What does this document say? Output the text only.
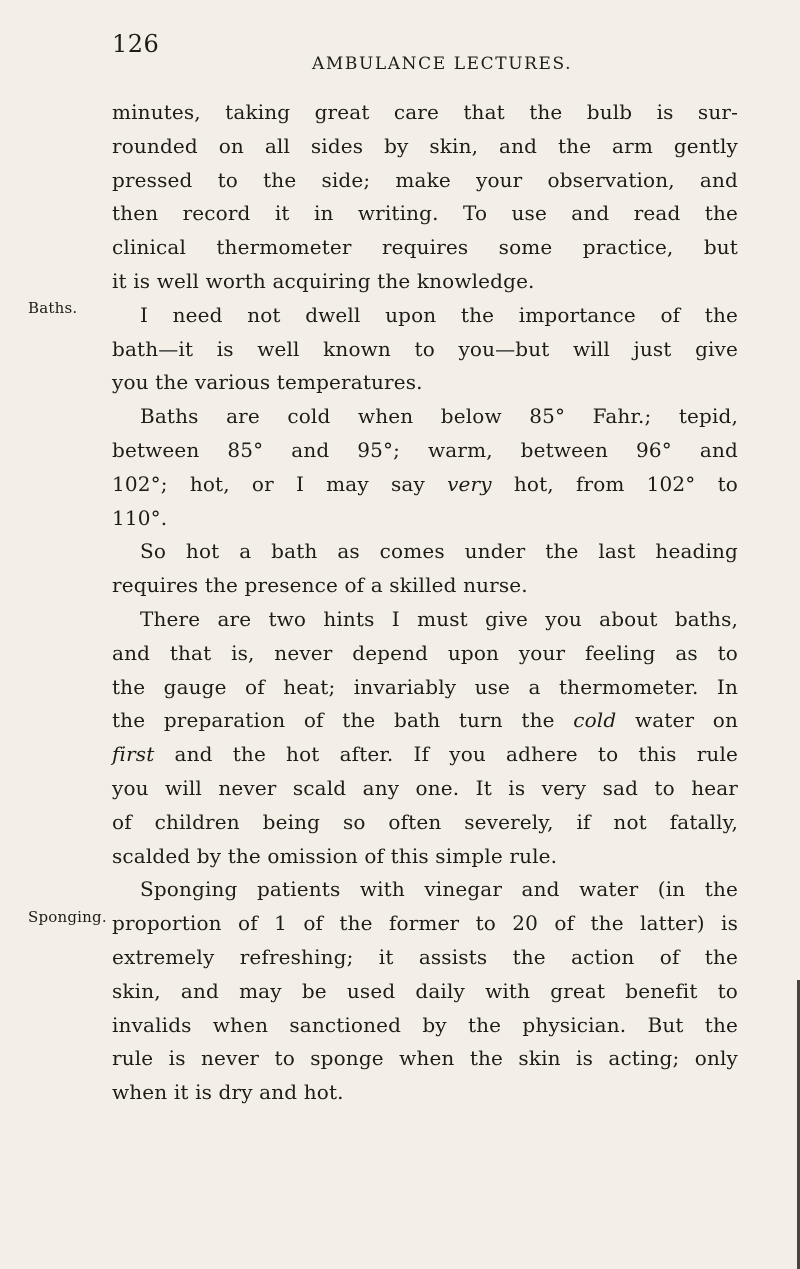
126
AMBULANCE LECTURES.
Baths.
Sponging.
minutes, taking great care that the bulb is sur-
rounded on all sides by skin, and the arm gently
pressed to the side; make your observation, and
then record it in writing. To use and read the
clinical thermometer requires some practice, but
it is well worth acquiring the knowledge.
I need not dwell upon the importance of the
bath—it is well known to you—but will just give
you the various temperatures.
Baths are cold when below 85° Fahr.; tepid,
between 85° and 95°; warm, between 96° and
102°; hot, or I may say very hot, from 102° to
110°.
So hot a bath as comes under the last heading
requires the presence of a skilled nurse.
There are two hints I must give you about baths,
and that is, never depend upon your feeling as to
the gauge of heat; invariably use a thermometer. In
the preparation of the bath turn the cold water on
first and the hot after. If you adhere to this rule
you will never scald any one. It is very sad to hear
of children being so often severely, if not fatally,
scalded by the omission of this simple rule.
Sponging patients with vinegar and water (in the
proportion of 1 of the former to 20 of the latter) is
extremely refreshing; it assists the action of the
skin, and may be used daily with great benefit to
invalids when sanctioned by the physician. But the
rule is never to sponge when the skin is acting; only
when it is dry and hot.
